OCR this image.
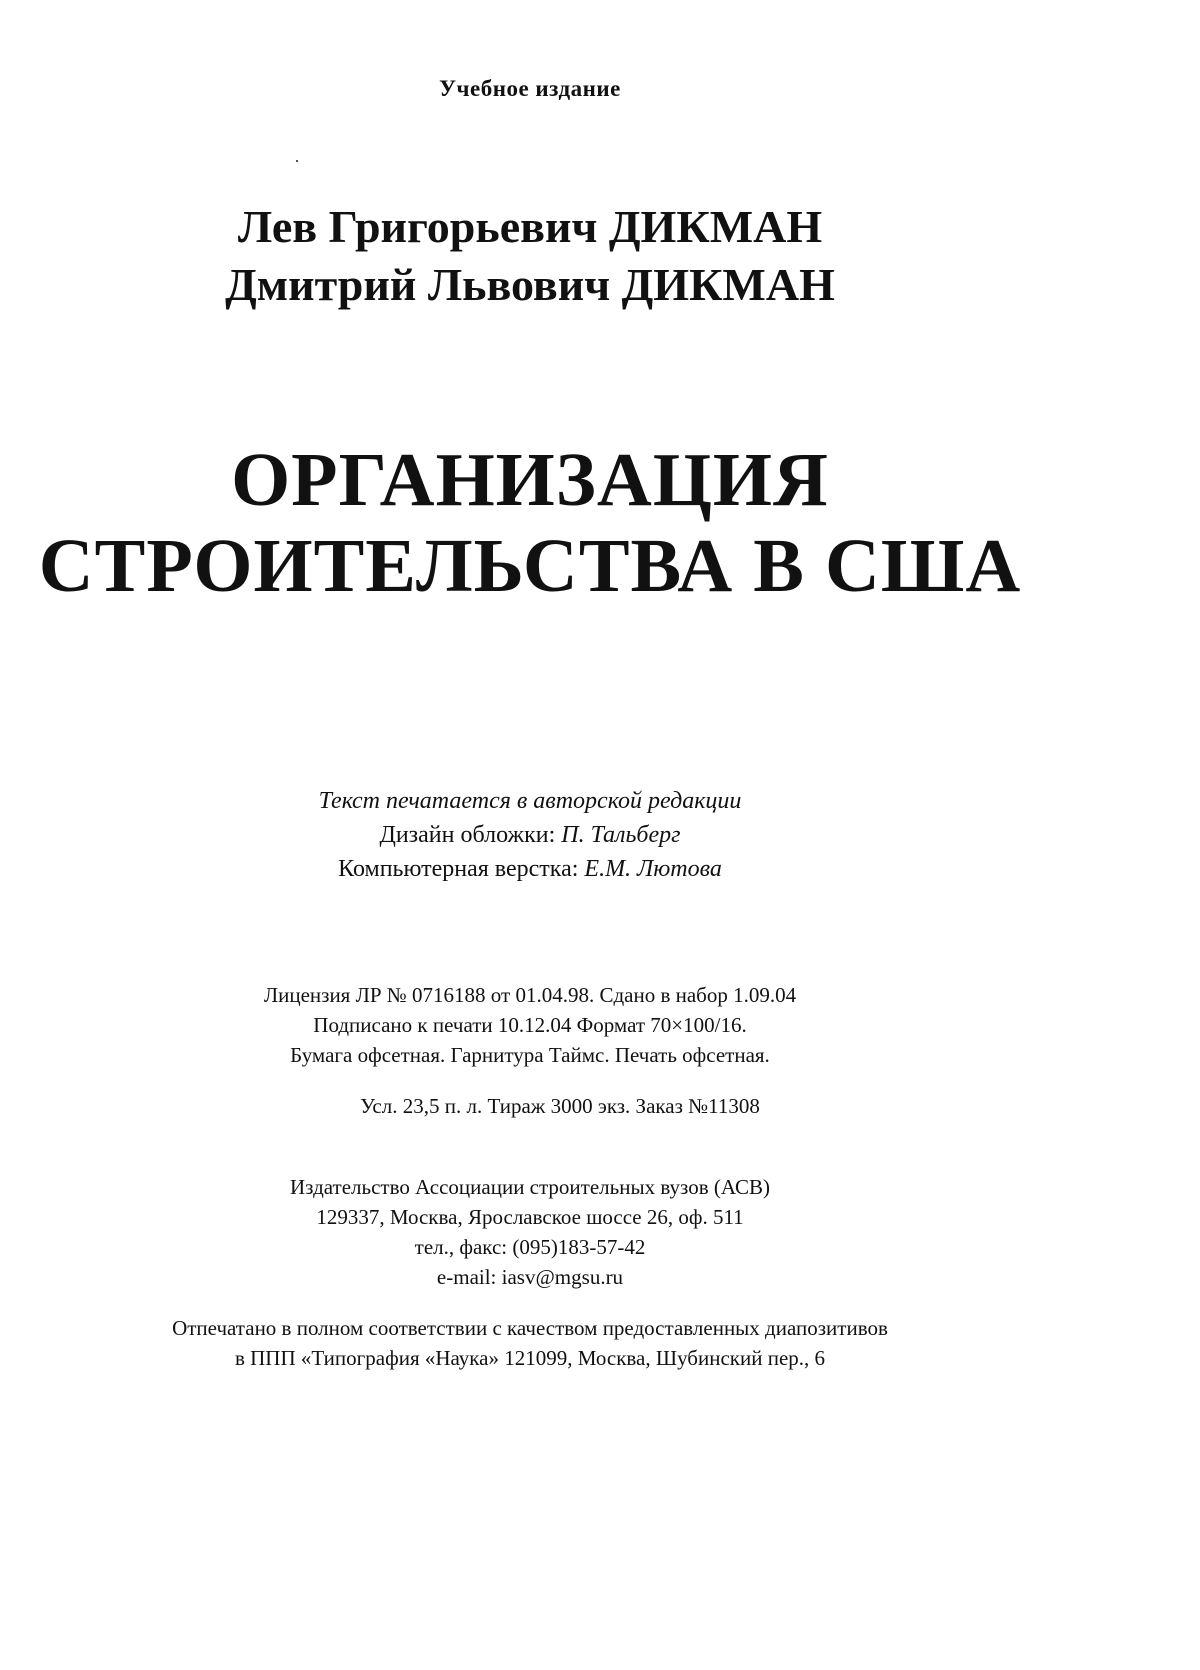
Учебное издание
Лев Григорьевич ДИКМАН
Дмитрий Львович ДИКМАН
ОРГАНИЗАЦИЯ
СТРОИТЕЛЬСТВА В США
Текст печатается в авторской редакции
Дизайн обложки: П. Тальберг
Компьютерная верстка: Е.М. Лютова
Лицензия ЛР № 0716188 от 01.04.98. Сдано в набор 1.09.04
Подписано к печати 10.12.04 Формат 70×100/16.
Бумага офсетная. Гарнитура Таймс. Печать офсетная.
Усл. 23,5 п. л. Тираж 3000 экз. Заказ №11308
Издательство Ассоциации строительных вузов (АСВ)
129337, Москва, Ярославское шоссе 26, оф. 511
тел., факс: (095)183-57-42
e-mail: iasv@mgsu.ru
Отпечатано в полном соответствии с качеством предоставленных диапозитивов
в ППП «Типография «Наука» 121099, Москва, Шубинский пер., 6
